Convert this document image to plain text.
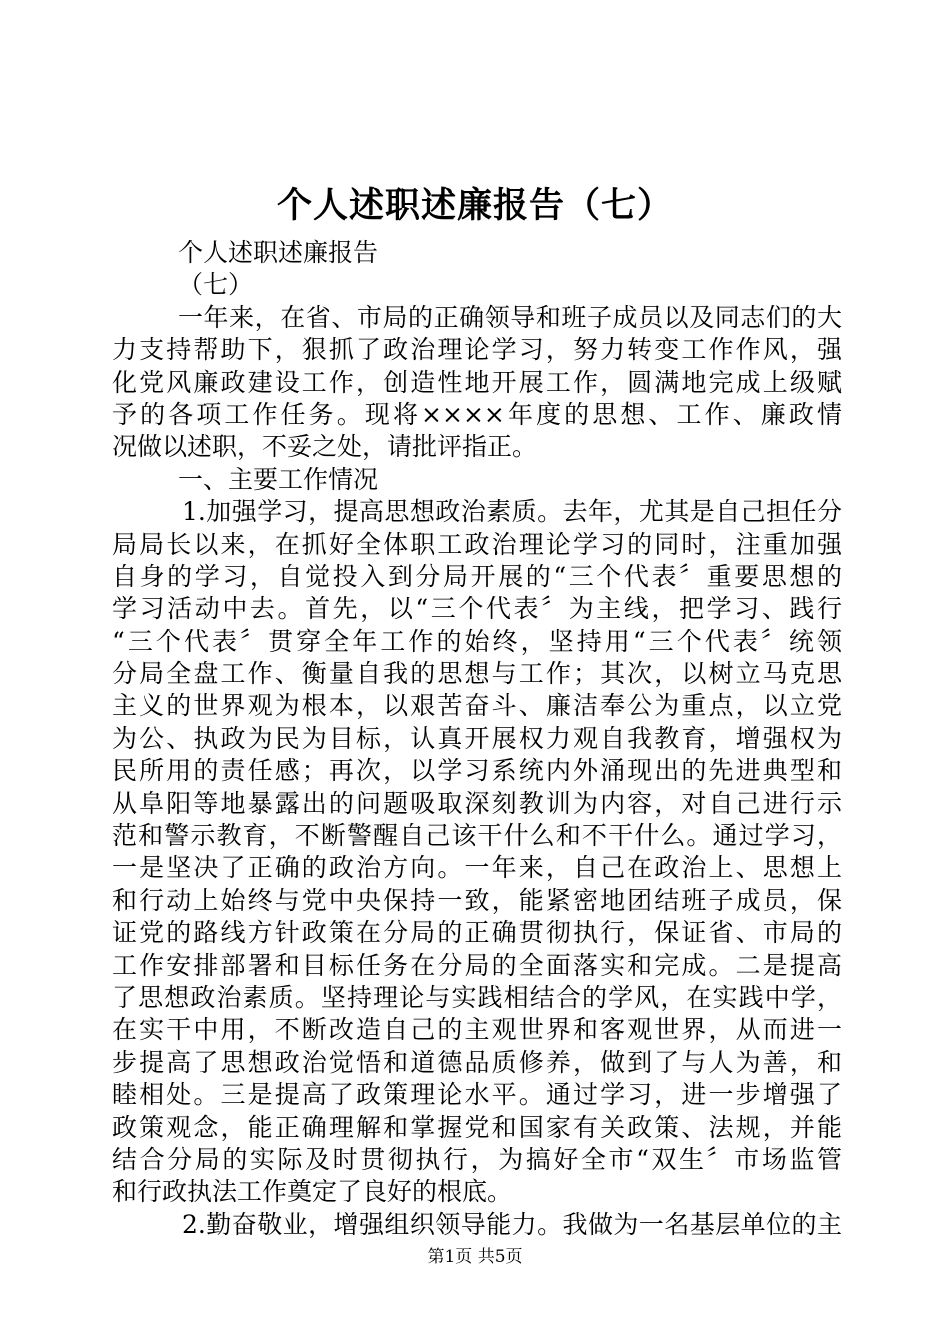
个人述职述廉报告（七）
个人述职述廉报告
（七）
一年来，在省、市局的正确领导和班子成员以及同志们的大
力支持帮助下，狠抓了政治理论学习，努力转变工作作风，强
化党风廉政建设工作，创造性地开展工作，圆满地完成上级赋
予的各项工作任务。现将××××年度的思想、工作、廉政情
况做以述职，不妥之处，请批评指正。
一、主要工作情况
1.加强学习，提高思想政治素质。去年，尤其是自己担任分
局局长以来，在抓好全体职工政治理论学习的同时，注重加强
自身的学习，自觉投入到分局开展的“三个代表〞重要思想的
学习活动中去。首先，以“三个代表〞为主线，把学习、践行
“三个代表〞贯穿全年工作的始终，坚持用“三个代表〞统领
分局全盘工作、衡量自我的思想与工作；其次，以树立马克思
主义的世界观为根本，以艰苦奋斗、廉洁奉公为重点，以立党
为公、执政为民为目标，认真开展权力观自我教育，增强权为
民所用的责任感；再次，以学习系统内外涌现出的先进典型和
从阜阳等地暴露出的问题吸取深刻教训为内容，对自己进行示
范和警示教育，不断警醒自己该干什么和不干什么。通过学习，
一是坚决了正确的政治方向。一年来，自己在政治上、思想上
和行动上始终与党中央保持一致，能紧密地团结班子成员，保
证党的路线方针政策在分局的正确贯彻执行，保证省、市局的
工作安排部署和目标任务在分局的全面落实和完成。二是提高
了思想政治素质。坚持理论与实践相结合的学风，在实践中学，
在实干中用，不断改造自己的主观世界和客观世界，从而进一
步提高了思想政治觉悟和道德品质修养，做到了与人为善，和
睦相处。三是提高了政策理论水平。通过学习，进一步增强了
政策观念，能正确理解和掌握党和国家有关政策、法规，并能
结合分局的实际及时贯彻执行，为搞好全市“双生〞市场监管
和行政执法工作奠定了良好的根底。
2.勤奋敬业，增强组织领导能力。我做为一名基层单位的主
第1页 共5页
